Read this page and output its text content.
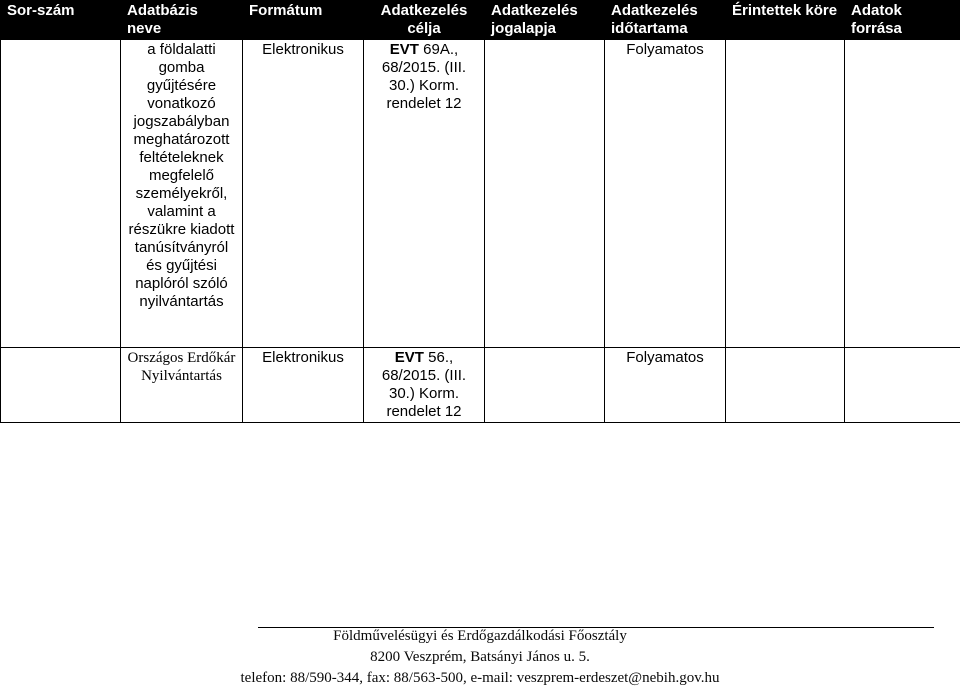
Sor-szám	Adatbázis neve	Formátum	Adatkezelés célja	Adatkezelés jogalapja	Adatkezelés időtartama	Érintettek köre	Adatok forrása
	a földalatti gomba gyűjtésére vonatkozó jogszabályban meghatározott feltételeknek megfelelő személyekről, valamint a részükre kiadott tanúsítványról és gyűjtési naplóról szóló nyilvántartás	Elektronikus	EVT 69A., 68/2015. (III. 30.) Korm. rendelet 12		Folyamatos		
	Országos Erdőkár Nyilvántartás	Elektronikus	EVT 56., 68/2015. (III. 30.) Korm. rendelet 12		Folyamatos		
Földművelésügyi és Erdőgazdálkodási Főosztály
8200 Veszprém, Batsányi János u. 5.
telefon: 88/590-344, fax: 88/563-500, e-mail: veszprem-erdeszet@nebih.gov.hu
